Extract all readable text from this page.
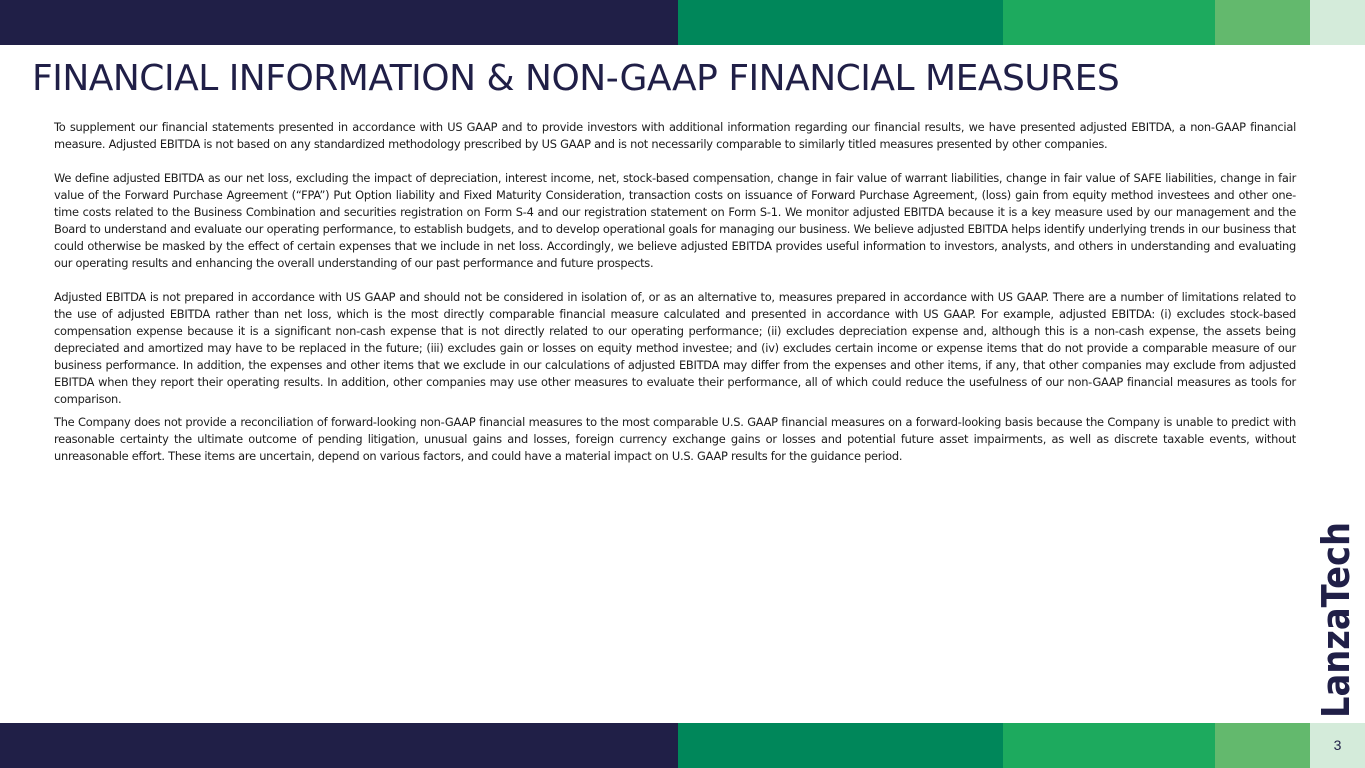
FINANCIAL INFORMATION & NON-GAAP FINANCIAL MEASURES

To supplement our financial statements presented in accordance with US GAAP and to provide investors with additional information regarding our financial results, we have presented adjusted EBITDA, a non-GAAP financial measure. Adjusted EBITDA is not based on any standardized methodology prescribed by US GAAP and is not necessarily comparable to similarly titled measures presented by other companies.

We define adjusted EBITDA as our net loss, excluding the impact of depreciation, interest income, net, stock-based compensation, change in fair value of warrant liabilities, change in fair value of SAFE liabilities, change in fair value of the Forward Purchase Agreement (“FPA”) Put Option liability and Fixed Maturity Consideration, transaction costs on issuance of Forward Purchase Agreement, (loss) gain from equity method investees and other one-time costs related to the Business Combination and securities registration on Form S-4 and our registration statement on Form S-1. We monitor adjusted EBITDA because it is a key measure used by our management and the Board to understand and evaluate our operating performance, to establish budgets, and to develop operational goals for managing our business. We believe adjusted EBITDA helps identify underlying trends in our business that could otherwise be masked by the effect of certain expenses that we include in net loss. Accordingly, we believe adjusted EBITDA provides useful information to investors, analysts, and others in understanding and evaluating our operating results and enhancing the overall understanding of our past performance and future prospects.

Adjusted EBITDA is not prepared in accordance with US GAAP and should not be considered in isolation of, or as an alternative to, measures prepared in accordance with US GAAP. There are a number of limitations related to the use of adjusted EBITDA rather than net loss, which is the most directly comparable financial measure calculated and presented in accordance with US GAAP. For example, adjusted EBITDA: (i) excludes stock-based compensation expense because it is a significant non-cash expense that is not directly related to our operating performance; (ii) excludes depreciation expense and, although this is a non-cash expense, the assets being depreciated and amortized may have to be replaced in the future; (iii) excludes gain or losses on equity method investee; and (iv) excludes certain income or expense items that do not provide a comparable measure of our business performance. In addition, the expenses and other items that we exclude in our calculations of adjusted EBITDA may differ from the expenses and other items, if any, that other companies may exclude from adjusted EBITDA when they report their operating results. In addition, other companies may use other measures to evaluate their performance, all of which could reduce the usefulness of our non-GAAP financial measures as tools for comparison.

The Company does not provide a reconciliation of forward-looking non-GAAP financial measures to the most comparable U.S. GAAP financial measures on a forward-looking basis because the Company is unable to predict with reasonable certainty the ultimate outcome of pending litigation, unusual gains and losses, foreign currency exchange gains or losses and potential future asset impairments, as well as discrete taxable events, without unreasonable effort. These items are uncertain, depend on various factors, and could have a material impact on U.S. GAAP results for the guidance period.

LanzaTech
3
